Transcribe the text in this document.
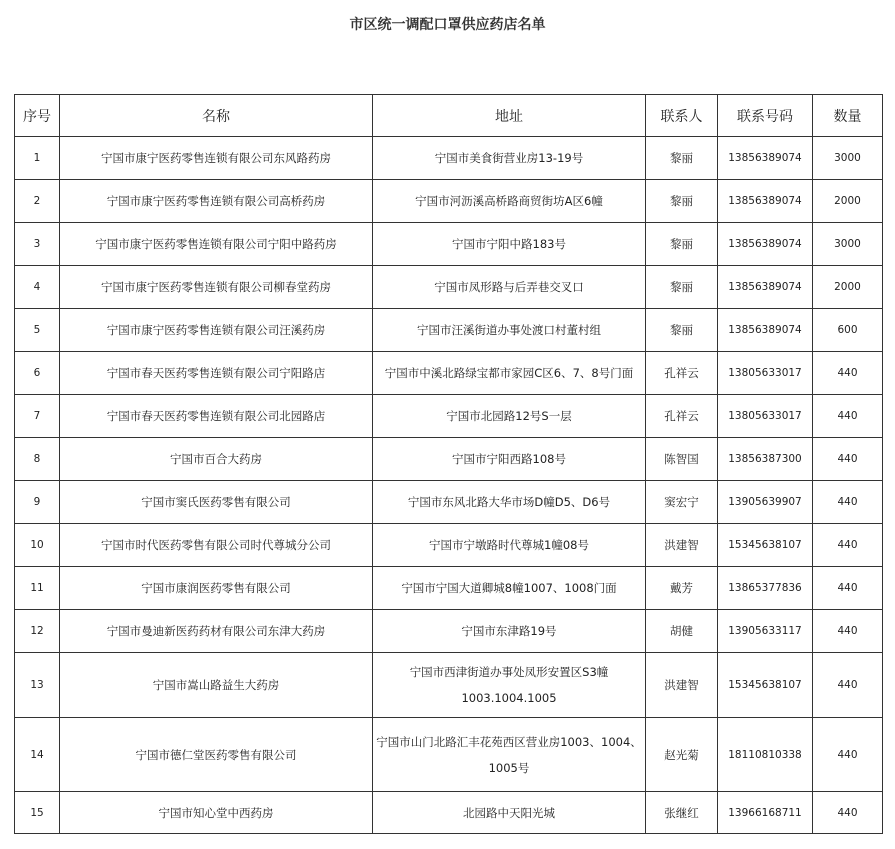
市区统一调配口罩供应药店名单
序号	名称	地址	联系人	联系号码	数量
1	宁国市康宁医药零售连锁有限公司东风路药房	宁国市美食街营业房13-19号	黎丽	13856389074	3000
2	宁国市康宁医药零售连锁有限公司高桥药房	宁国市河沥溪高桥路商贸街坊A区6幢	黎丽	13856389074	2000
3	宁国市康宁医药零售连锁有限公司宁阳中路药房	宁国市宁阳中路183号	黎丽	13856389074	3000
4	宁国市康宁医药零售连锁有限公司柳春堂药房	宁国市凤形路与后弄巷交叉口	黎丽	13856389074	2000
5	宁国市康宁医药零售连锁有限公司汪溪药房	宁国市汪溪街道办事处渡口村董村组	黎丽	13856389074	600
6	宁国市春天医药零售连锁有限公司宁阳路店	宁国市中溪北路绿宝都市家园C区6、7、8号门面	孔祥云	13805633017	440
7	宁国市春天医药零售连锁有限公司北园路店	宁国市北园路12号S一层	孔祥云	13805633017	440
8	宁国市百合大药房	宁国市宁阳西路108号	陈智国	13856387300	440
9	宁国市窦氏医药零售有限公司	宁国市东风北路大华市场D幢D5、D6号	窦宏宁	13905639907	440
10	宁国市时代医药零售有限公司时代尊城分公司	宁国市宁墩路时代尊城1幢08号	洪建智	15345638107	440
11	宁国市康润医药零售有限公司	宁国市宁国大道卿城8幢1007、1008门面	戴芳	13865377836	440
12	宁国市曼迪新医药药材有限公司东津大药房	宁国市东津路19号	胡健	13905633117	440
13	宁国市嵩山路益生大药房	宁国市西津街道办事处凤形安置区S3幢1003.1004.1005	洪建智	15345638107	440
14	宁国市德仁堂医药零售有限公司	宁国市山门北路汇丰花苑西区营业房1003、1004、1005号	赵光菊	18110810338	440
15	宁国市知心堂中西药房	北园路中天阳光城	张继红	13966168711	440
